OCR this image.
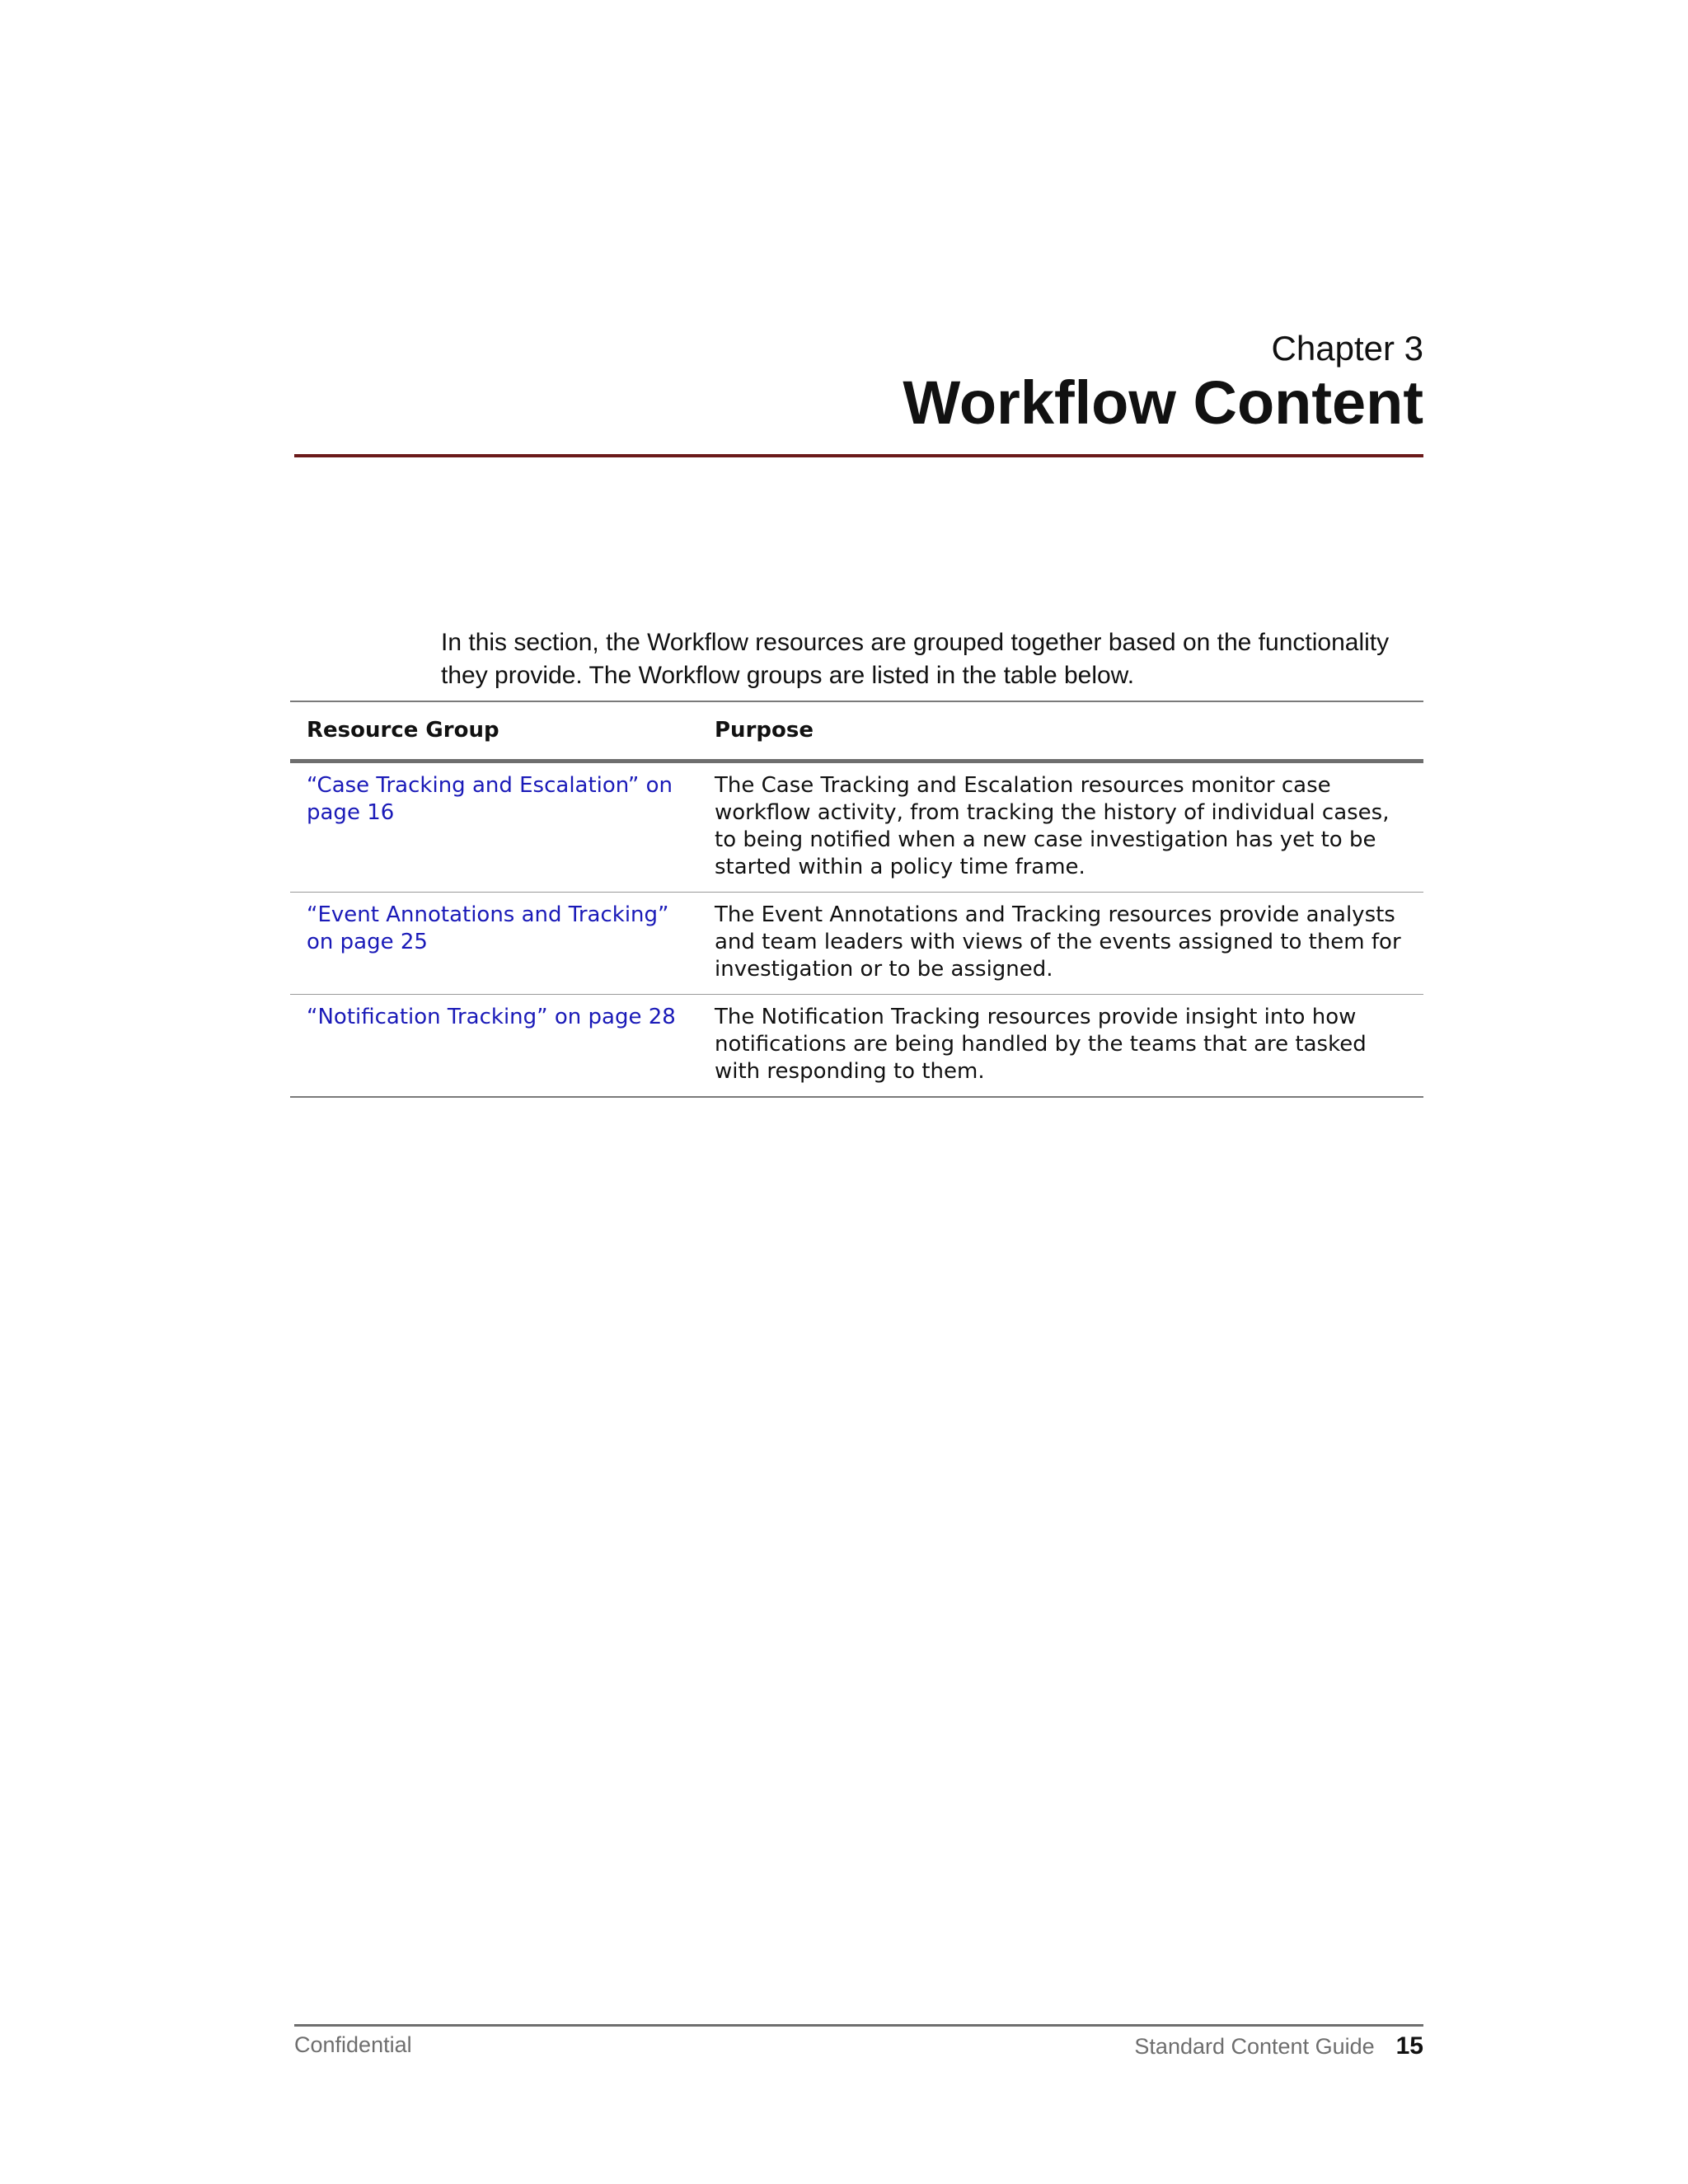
Chapter 3
Workflow Content

In this section, the Workflow resources are grouped together based on the functionality they provide. The Workflow groups are listed in the table below.

Resource Group	Purpose
“Case Tracking and Escalation” on page 16	The Case Tracking and Escalation resources monitor case workflow activity, from tracking the history of individual cases, to being notified when a new case investigation has yet to be started within a policy time frame.
“Event Annotations and Tracking” on page 25	The Event Annotations and Tracking resources provide analysts and team leaders with views of the events assigned to them for investigation or to be assigned.
“Notification Tracking” on page 28	The Notification Tracking resources provide insight into how notifications are being handled by the teams that are tasked with responding to them.
Confidential	Standard Content Guide 15
